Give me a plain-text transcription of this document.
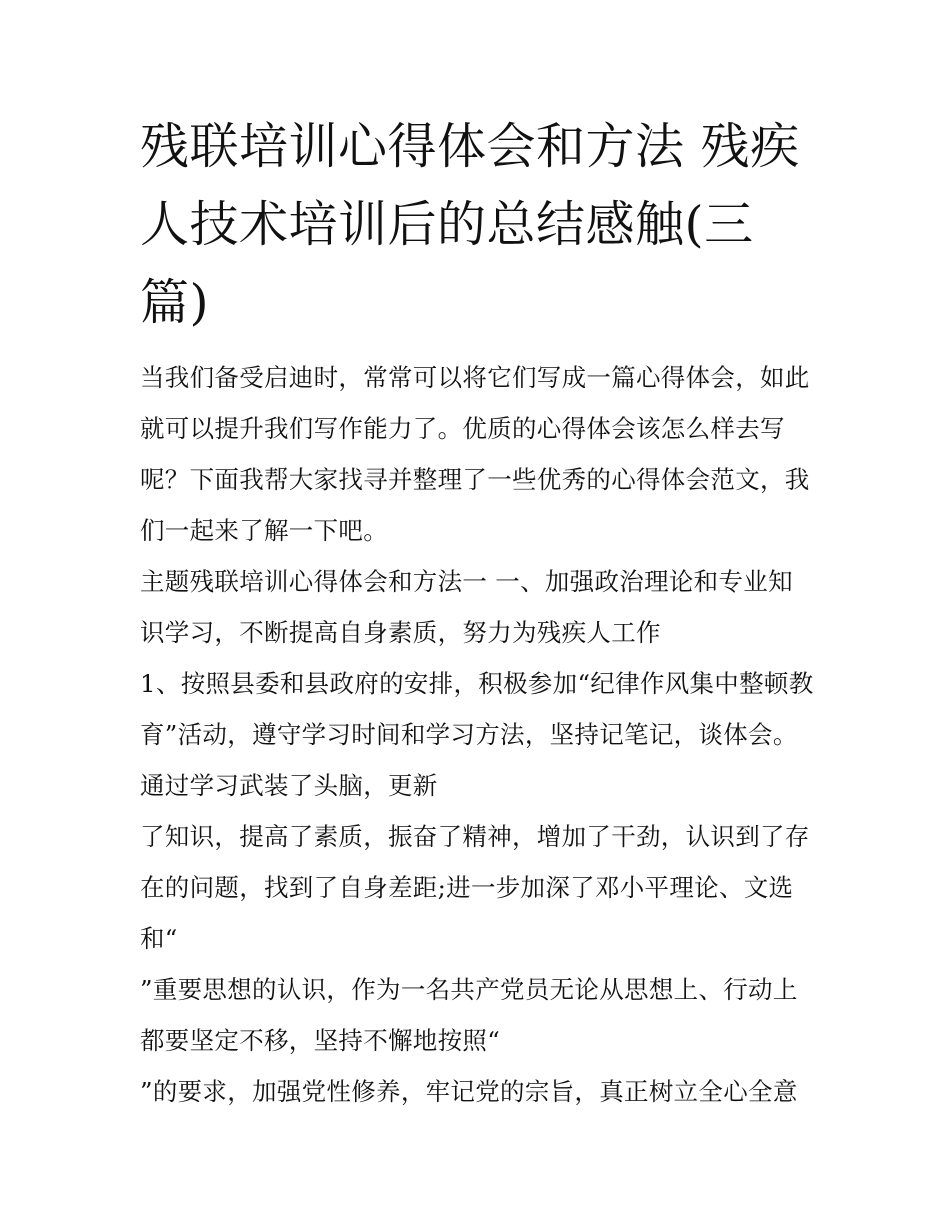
残联培训心得体会和方法 残疾人技术培训后的总结感触(三篇)

当我们备受启迪时，常常可以将它们写成一篇心得体会，如此就可以提升我们写作能力了。优质的心得体会该怎么样去写呢？下面我帮大家找寻并整理了一些优秀的心得体会范文，我们一起来了解一下吧。

主题残联培训心得体会和方法一 一、加强政治理论和专业知识学习，不断提高自身素质，努力为残疾人工作

1、按照县委和县政府的安排，积极参加“纪律作风集中整顿教育”活动，遵守学习时间和学习方法，坚持记笔记，谈体会。

通过学习武装了头脑，更新

了知识，提高了素质，振奋了精神，增加了干劲，认识到了存在的问题，找到了自身差距;进一步加深了邓小平理论、文选和“

”重要思想的认识，作为一名共产党员无论从思想上、行动上都要坚定不移，坚持不懈地按照“

”的要求，加强党性修养，牢记党的宗旨，真正树立全心全意
